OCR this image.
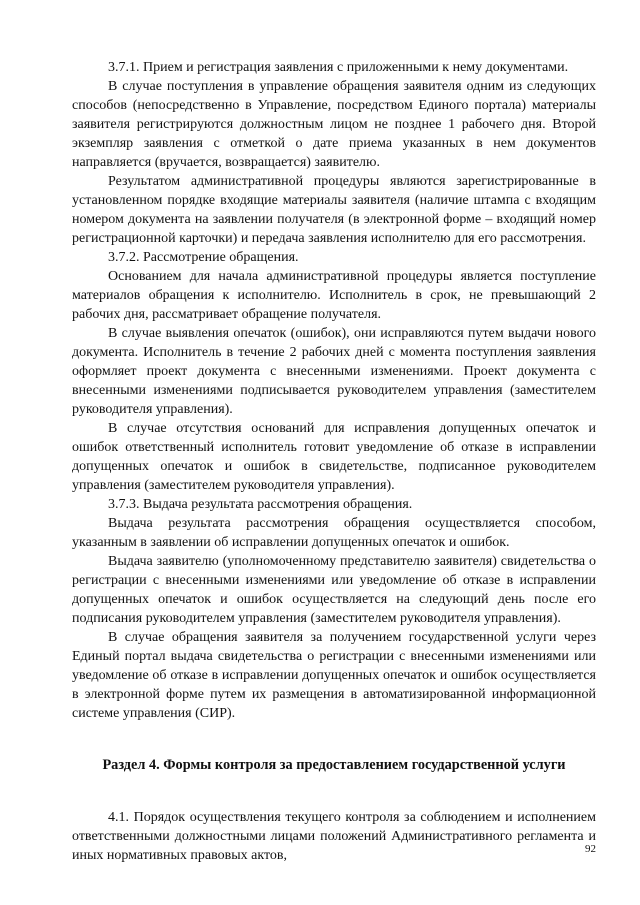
3.7.1. Прием и регистрация заявления с приложенными к нему документами.

В случае поступления в управление обращения заявителя одним из следующих способов (непосредственно в Управление, посредством Единого портала) материалы заявителя регистрируются должностным лицом не позднее 1 рабочего дня. Второй экземпляр заявления с отметкой о дате приема указанных в нем документов направляется (вручается, возвращается) заявителю.

Результатом административной процедуры являются зарегистрированные в установленном порядке входящие материалы заявителя (наличие штампа с входящим номером документа на заявлении получателя (в электронной форме – входящий номер регистрационной карточки) и передача заявления исполнителю для его рассмотрения.

3.7.2. Рассмотрение обращения.

Основанием для начала административной процедуры является поступление материалов обращения к исполнителю. Исполнитель в срок, не превышающий 2 рабочих дня, рассматривает обращение получателя.

В случае выявления опечаток (ошибок), они исправляются путем выдачи нового документа. Исполнитель в течение 2 рабочих дней с момента поступления заявления оформляет проект документа с внесенными изменениями. Проект документа с внесенными изменениями подписывается руководителем управления (заместителем руководителя управления).

В случае отсутствия оснований для исправления допущенных опечаток и ошибок ответственный исполнитель готовит уведомление об отказе в исправлении допущенных опечаток и ошибок в свидетельстве, подписанное руководителем управления (заместителем руководителя управления).

3.7.3. Выдача результата рассмотрения обращения.

Выдача результата рассмотрения обращения осуществляется способом, указанным в заявлении об исправлении допущенных опечаток и ошибок.

Выдача заявителю (уполномоченному представителю заявителя) свидетельства о регистрации с внесенными изменениями или уведомление об отказе в исправлении допущенных опечаток и ошибок осуществляется на следующий день после его подписания руководителем управления (заместителем руководителя управления).

В случае обращения заявителя за получением государственной услуги через Единый портал выдача свидетельства о регистрации с внесенными изменениями или уведомление об отказе в исправлении допущенных опечаток и ошибок осуществляется в электронной форме путем их размещения в автоматизированной информационной системе управления (СИР).

Раздел 4. Формы контроля за предоставлением государственной услуги

4.1. Порядок осуществления текущего контроля за соблюдением и исполнением ответственными должностными лицами положений Административного регламента и иных нормативных правовых актов,	92
